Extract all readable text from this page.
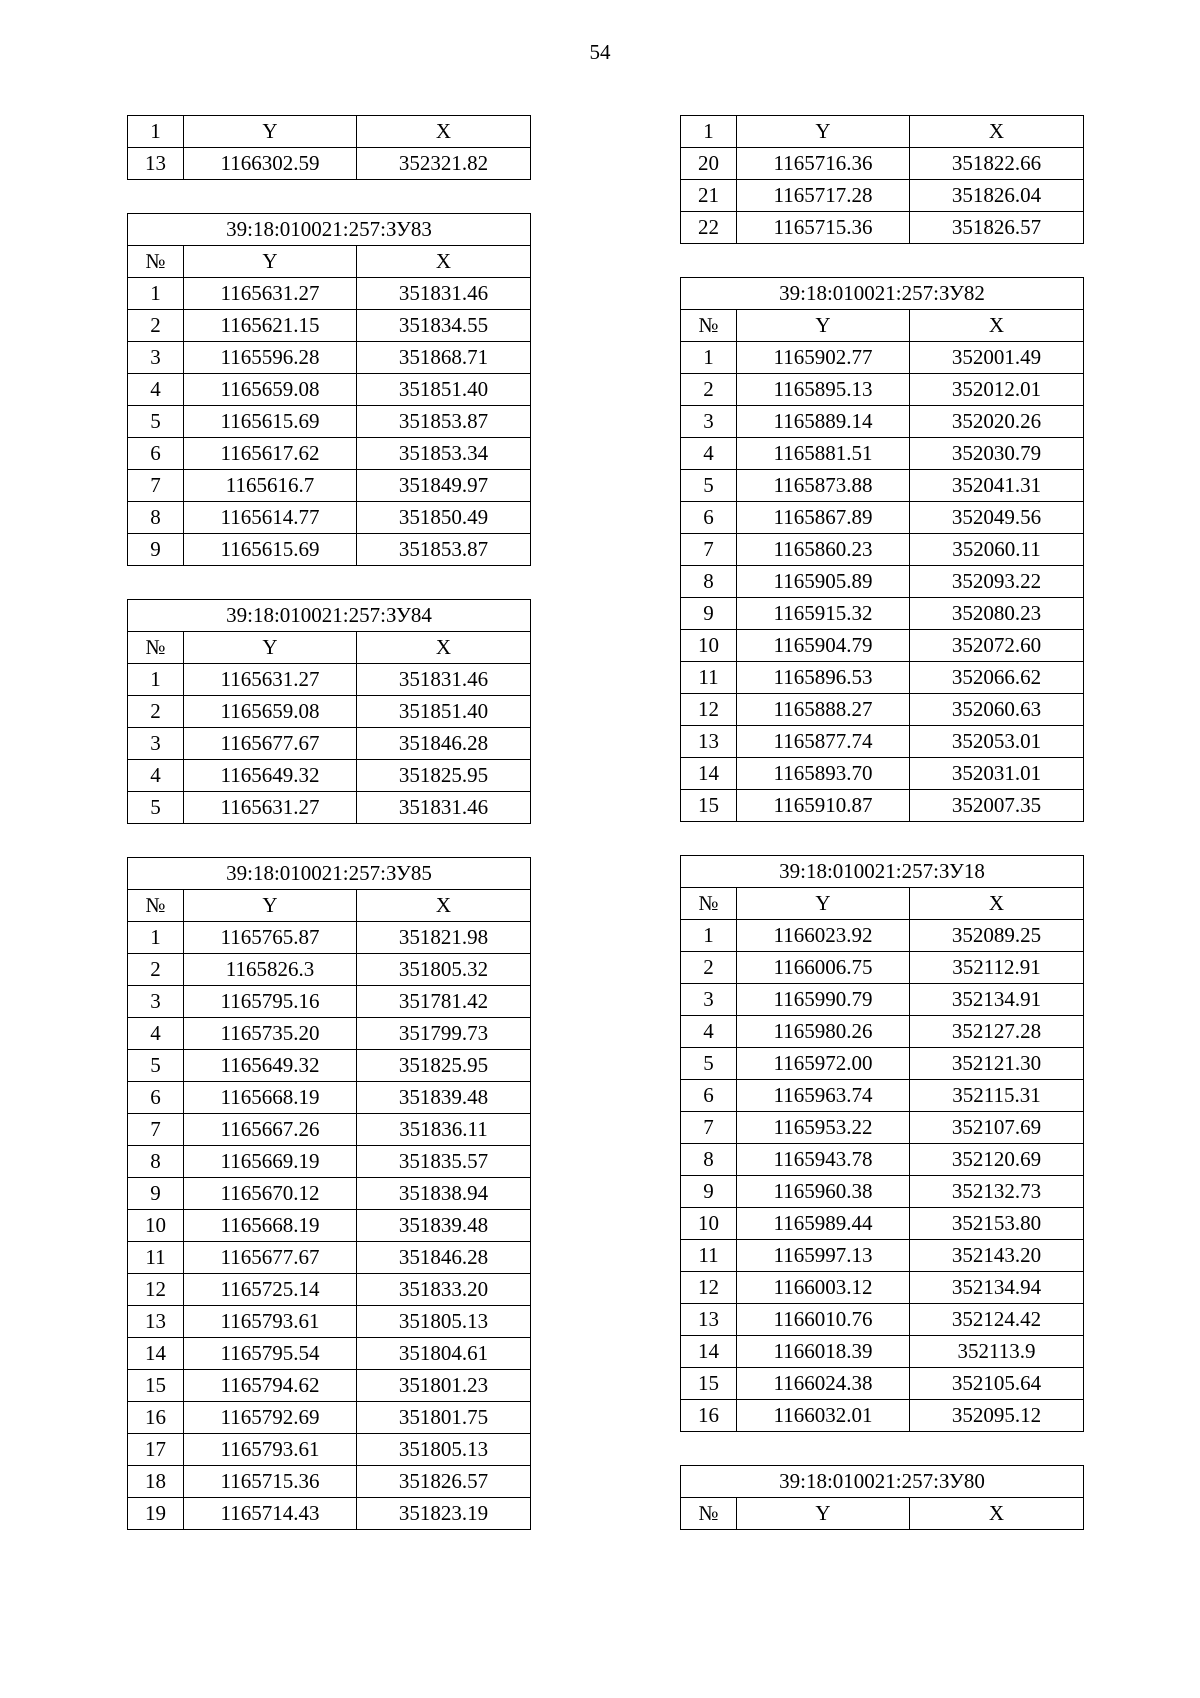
54
1	Y	X
13	1166302.59	352321.82
39:18:010021:257:ЗУ83		
№	Y	X
1	1165631.27	351831.46
2	1165621.15	351834.55
3	1165596.28	351868.71
4	1165659.08	351851.40
5	1165615.69	351853.87
6	1165617.62	351853.34
7	1165616.7	351849.97
8	1165614.77	351850.49
9	1165615.69	351853.87
39:18:010021:257:ЗУ84		
№	Y	X
1	1165631.27	351831.46
2	1165659.08	351851.40
3	1165677.67	351846.28
4	1165649.32	351825.95
5	1165631.27	351831.46
39:18:010021:257:ЗУ85		
№	Y	X
1	1165765.87	351821.98
2	1165826.3	351805.32
3	1165795.16	351781.42
4	1165735.20	351799.73
5	1165649.32	351825.95
6	1165668.19	351839.48
7	1165667.26	351836.11
8	1165669.19	351835.57
9	1165670.12	351838.94
10	1165668.19	351839.48
11	1165677.67	351846.28
12	1165725.14	351833.20
13	1165793.61	351805.13
14	1165795.54	351804.61
15	1165794.62	351801.23
16	1165792.69	351801.75
17	1165793.61	351805.13
18	1165715.36	351826.57
19	1165714.43	351823.19
1	Y	X
20	1165716.36	351822.66
21	1165717.28	351826.04
22	1165715.36	351826.57
39:18:010021:257:ЗУ82		
№	Y	X
1	1165902.77	352001.49
2	1165895.13	352012.01
3	1165889.14	352020.26
4	1165881.51	352030.79
5	1165873.88	352041.31
6	1165867.89	352049.56
7	1165860.23	352060.11
8	1165905.89	352093.22
9	1165915.32	352080.23
10	1165904.79	352072.60
11	1165896.53	352066.62
12	1165888.27	352060.63
13	1165877.74	352053.01
14	1165893.70	352031.01
15	1165910.87	352007.35
39:18:010021:257:ЗУ18		
№	Y	X
1	1166023.92	352089.25
2	1166006.75	352112.91
3	1165990.79	352134.91
4	1165980.26	352127.28
5	1165972.00	352121.30
6	1165963.74	352115.31
7	1165953.22	352107.69
8	1165943.78	352120.69
9	1165960.38	352132.73
10	1165989.44	352153.80
11	1165997.13	352143.20
12	1166003.12	352134.94
13	1166010.76	352124.42
14	1166018.39	352113.9
15	1166024.38	352105.64
16	1166032.01	352095.12
39:18:010021:257:ЗУ80
№	Y	X
